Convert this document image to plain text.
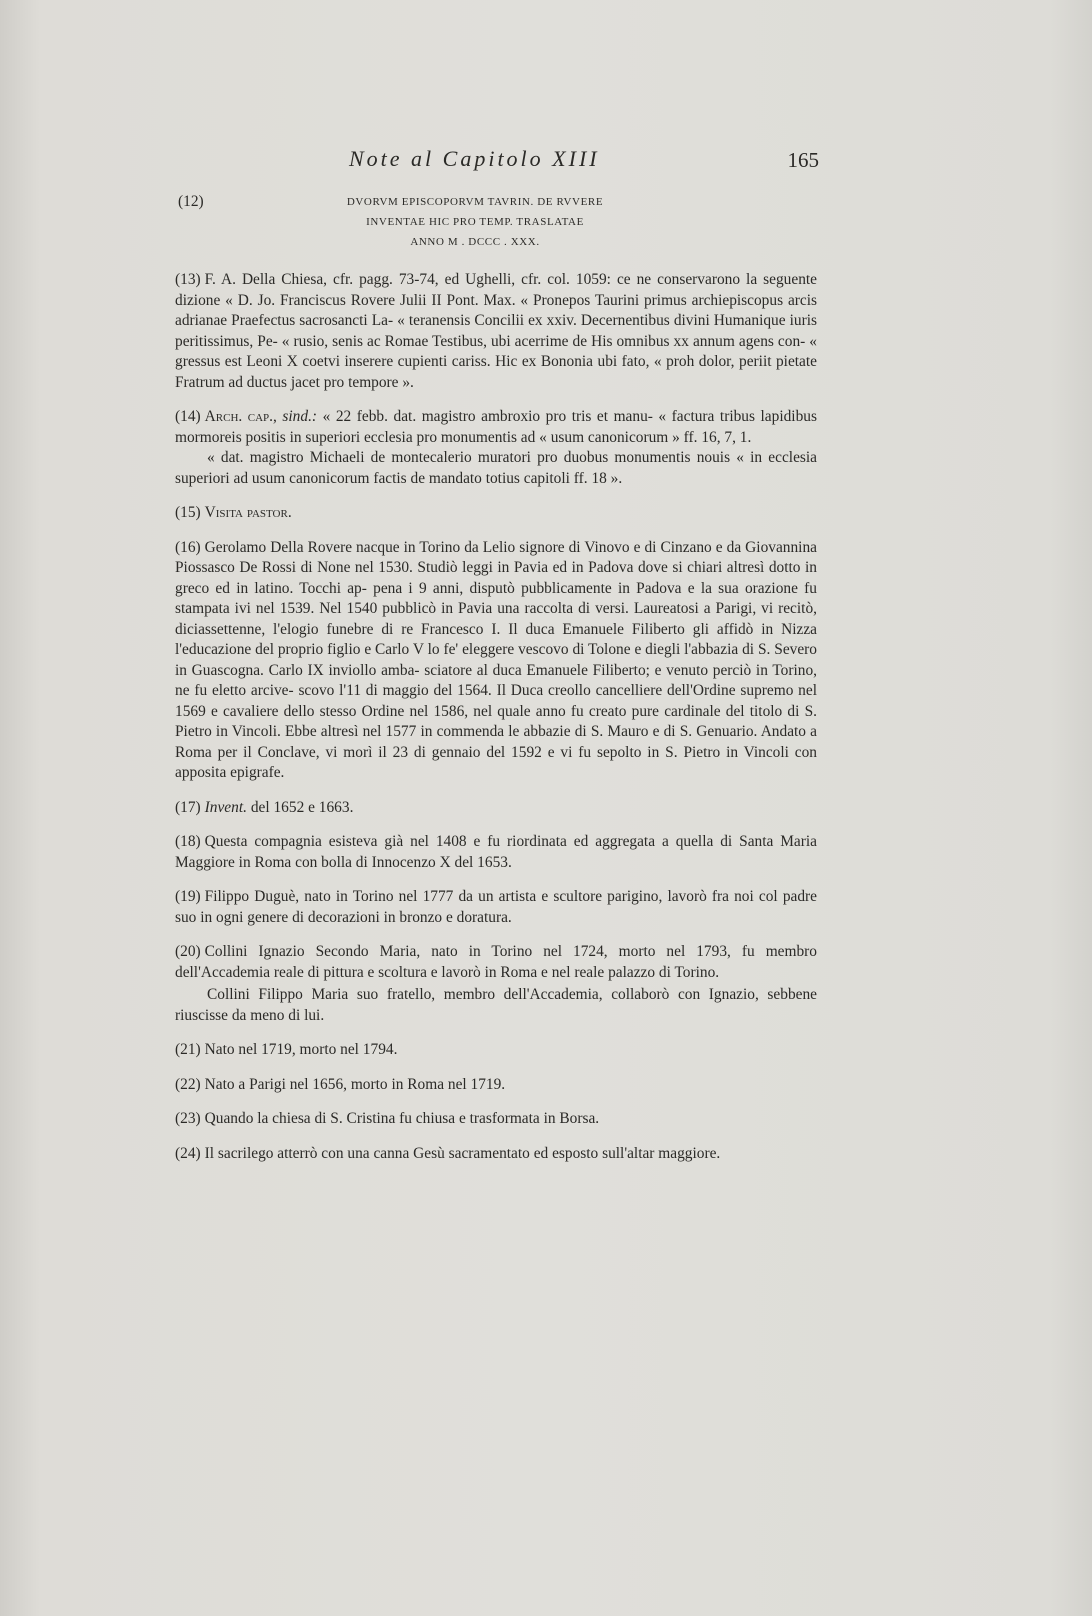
Note al Capitolo XIII	165
(12)	DVORVM EPISCOPORVM TAVRIN. DE RVVERE
INVENTAE HIC PRO TEMP. TRASLATAE
ANNO M . DCCC . XXX.

(13) F. A. Della Chiesa, cfr. pagg. 73-74, ed Ughelli, cfr. col. 1059: ce ne conservarono la seguente dizione « D. Jo. Franciscus Rovere Julii II Pont. Max. « Pronepos Taurini primus archiepiscopus arcis adrianae Praefectus sacrosancti La- « teranensis Concilii ex xxiv. Decernentibus divini Humanique iuris peritissimus, Pe- « rusio, senis ac Romae Testibus, ubi acerrime de His omnibus xx annum agens con- « gressus est Leoni X coetvi inserere cupienti cariss. Hic ex Bononia ubi fato, « proh dolor, periit pietate Fratrum ad ductus jacet pro tempore ».

(14) Arch. cap., sind.: « 22 febb. dat. magistro ambroxio pro tris et manu- « factura tribus lapidibus mormoreis positis in superiori ecclesia pro monumentis ad « usum canonicorum » ff. 16, 7, 1.

« dat. magistro Michaeli de montecalerio muratori pro duobus monumentis nouis « in ecclesia superiori ad usum canonicorum factis de mandato totius capitoli ff. 18 ».

(15) Visita pastor.

(16) Gerolamo Della Rovere nacque in Torino da Lelio signore di Vinovo e di Cinzano e da Giovannina Piossasco De Rossi di None nel 1530. Studiò leggi in Pavia ed in Padova dove si chiari altresì dotto in greco ed in latino. Tocchi ap- pena i 9 anni, disputò pubblicamente in Padova e la sua orazione fu stampata ivi nel 1539. Nel 1540 pubblicò in Pavia una raccolta di versi. Laureatosi a Parigi, vi recitò, diciassettenne, l'elogio funebre di re Francesco I. Il duca Emanuele Filiberto gli affidò in Nizza l'educazione del proprio figlio e Carlo V lo fe' eleggere vescovo di Tolone e diegli l'abbazia di S. Severo in Guascogna. Carlo IX inviollo amba- sciatore al duca Emanuele Filiberto; e venuto perciò in Torino, ne fu eletto arcive- scovo l'11 di maggio del 1564. Il Duca creollo cancelliere dell'Ordine supremo nel 1569 e cavaliere dello stesso Ordine nel 1586, nel quale anno fu creato pure cardinale del titolo di S. Pietro in Vincoli. Ebbe altresì nel 1577 in commenda le abbazie di S. Mauro e di S. Genuario. Andato a Roma per il Conclave, vi morì il 23 di gennaio del 1592 e vi fu sepolto in S. Pietro in Vincoli con apposita epigrafe.

(17) Invent. del 1652 e 1663.

(18) Questa compagnia esisteva già nel 1408 e fu riordinata ed aggregata a quella di Santa Maria Maggiore in Roma con bolla di Innocenzo X del 1653.

(19) Filippo Duguè, nato in Torino nel 1777 da un artista e scultore parigino, lavorò fra noi col padre suo in ogni genere di decorazioni in bronzo e doratura.

(20) Collini Ignazio Secondo Maria, nato in Torino nel 1724, morto nel 1793, fu membro dell'Accademia reale di pittura e scoltura e lavorò in Roma e nel reale palazzo di Torino.

Collini Filippo Maria suo fratello, membro dell'Accademia, collaborò con Ignazio, sebbene riuscisse da meno di lui.

(21) Nato nel 1719, morto nel 1794.

(22) Nato a Parigi nel 1656, morto in Roma nel 1719.

(23) Quando la chiesa di S. Cristina fu chiusa e trasformata in Borsa.

(24) Il sacrilego atterrò con una canna Gesù sacramentato ed esposto sull'altar maggiore.
